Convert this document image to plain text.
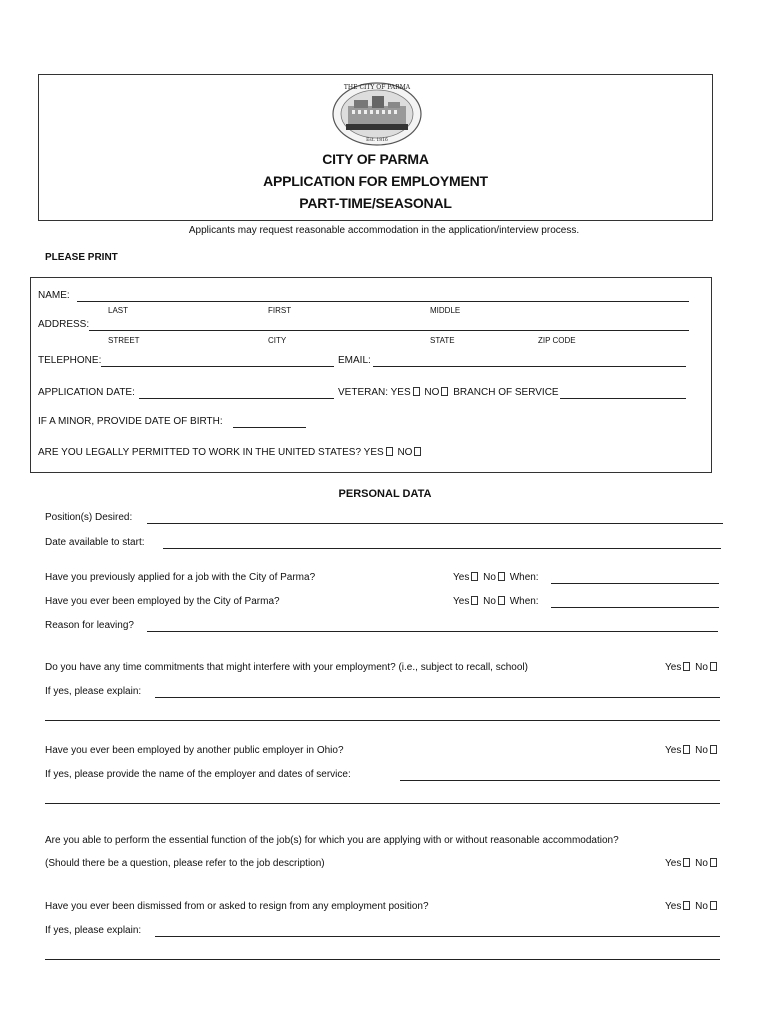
THE CITY OF PARMA
Est. 1816
CITY OF PARMA
APPLICATION FOR EMPLOYMENT
PART-TIME/SEASONAL
Applicants may request reasonable accommodation in the application/interview process.
PLEASE PRINT
NAME:
LAST	FIRST	MIDDLE
ADDRESS:
STREET	CITY	STATE	ZIP CODE
TELEPHONE:	EMAIL:
APPLICATION DATE:	VETERAN: YES NO BRANCH OF SERVICE
IF A MINOR, PROVIDE DATE OF BIRTH:
ARE YOU LEGALLY PERMITTED TO WORK IN THE UNITED STATES? YES NO
PERSONAL DATA
Position(s) Desired:
Date available to start:
Have you previously applied for a job with the City of Parma?	Yes No When:
Have you ever been employed by the City of Parma?	Yes No When:
Reason for leaving?
Do you have any time commitments that might interfere with your employment? (i.e., subject to recall, school)	Yes No
If yes, please explain:
Have you ever been employed by another public employer in Ohio?	Yes No
If yes, please provide the name of the employer and dates of service:
Are you able to perform the essential function of the job(s) for which you are applying with or without reasonable accommodation?
(Should there be a question, please refer to the job description)	Yes No
Have you ever been dismissed from or asked to resign from any employment position?	Yes No
If yes, please explain:
